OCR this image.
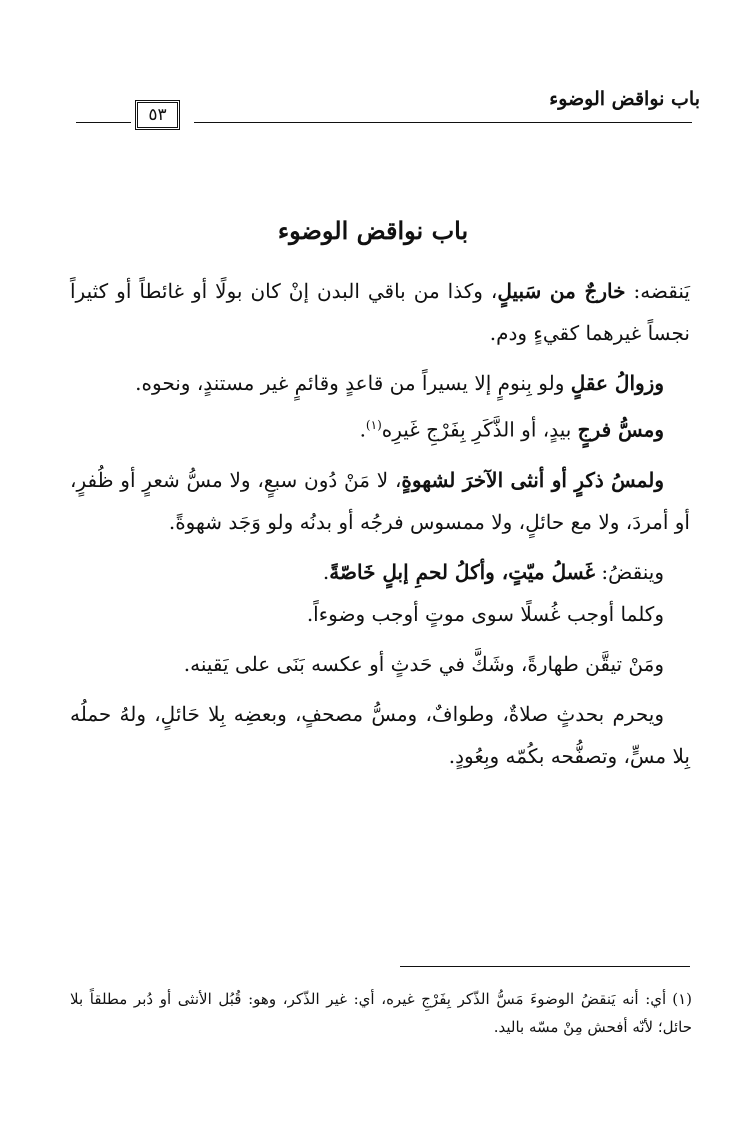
باب نواقض الوضوء
٥٣
باب نواقض الوضوء

يَنقضه: خارجٌ من سَبيلٍ، وكذا من باقي البدن إنْ كان بولًا أو غائطاً أو كثيراً نجساً غيرهما كقيءٍ ودم.

وزوالُ عقلٍ ولو بِنومٍ إلا يسيراً من قاعدٍ وقائمٍ غير مستندٍ، ونحوه.

ومسُّ فرجٍ بيدٍ، أو الذَّكَرِ بِفَرْجِ غَيرِه$^{(١)}$.

ولمسُ ذكرٍ أو أنثى الآخرَ لشهوةٍ، لا مَنْ دُون سبعٍ، ولا مسُّ شعرٍ أو ظُفرٍ، أو أمردَ، ولا مع حائلٍ، ولا ممسوس فرجُه أو بدنُه ولو وَجَد شهوةً.

وينقضُ: غَسلُ ميّتٍ، وأكلُ لحمِ إبلٍ خَاصّةً.

وكلما أوجب غُسلًا سوى موتٍ أوجب وضوءاً.

ومَنْ تيقَّن طهارةً، وشَكَّ في حَدثٍ أو عكسه بَنَى على يَقينه.

ويحرم بحدثٍ صلاةٌ، وطوافٌ، ومسُّ مصحفٍ، وبعضِه بِلا حَائلٍ، ولهُ حملُه بِلا مسٍّ، وتصفُّحه بكُمّه وبِعُودٍ.

(١)أي: أنه يَنقضُ الوضوءَ مَسُّ الذّكر بِفَرْجِ غيره، أي: غير الذّكر، وهو: قُبُل الأنثى أو دُبر مطلقاً بلا حائل؛ لأنّه أفحش مِنْ مسّه باليد.
